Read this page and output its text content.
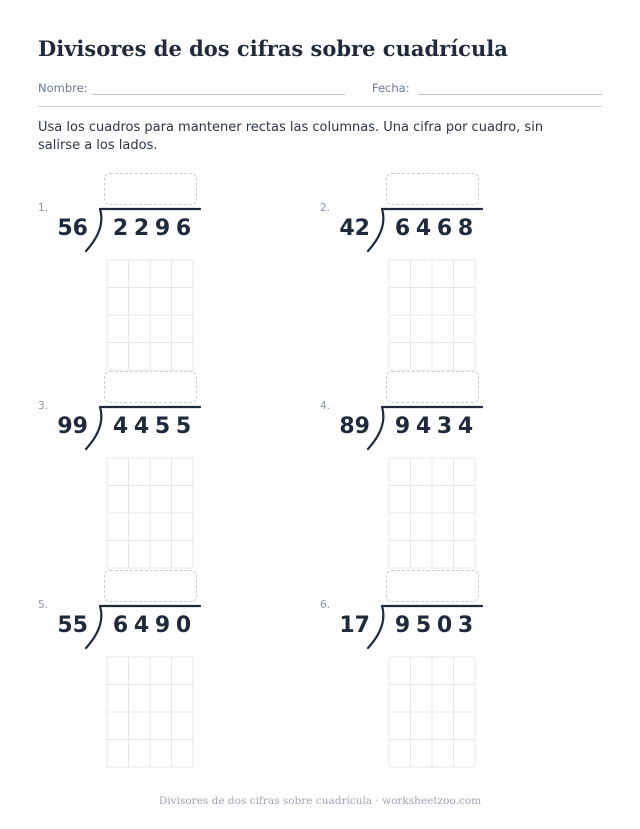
Divisores de dos cifras sobre cuadrícula
Nombre:	Fecha:
Usa los cuadros para mantener rectas las columnas. Una cifra por cuadro, sin salirse a los lados.
1.
56 2 2 9 6
2.
42 6 4 6 8
3.
99 4 4 5 5
4.
89 9 4 3 4
5.
55 6 4 9 0
6.
17 9 5 0 3
Divisores de dos cifras sobre cuadrícula · worksheetzoo.com
